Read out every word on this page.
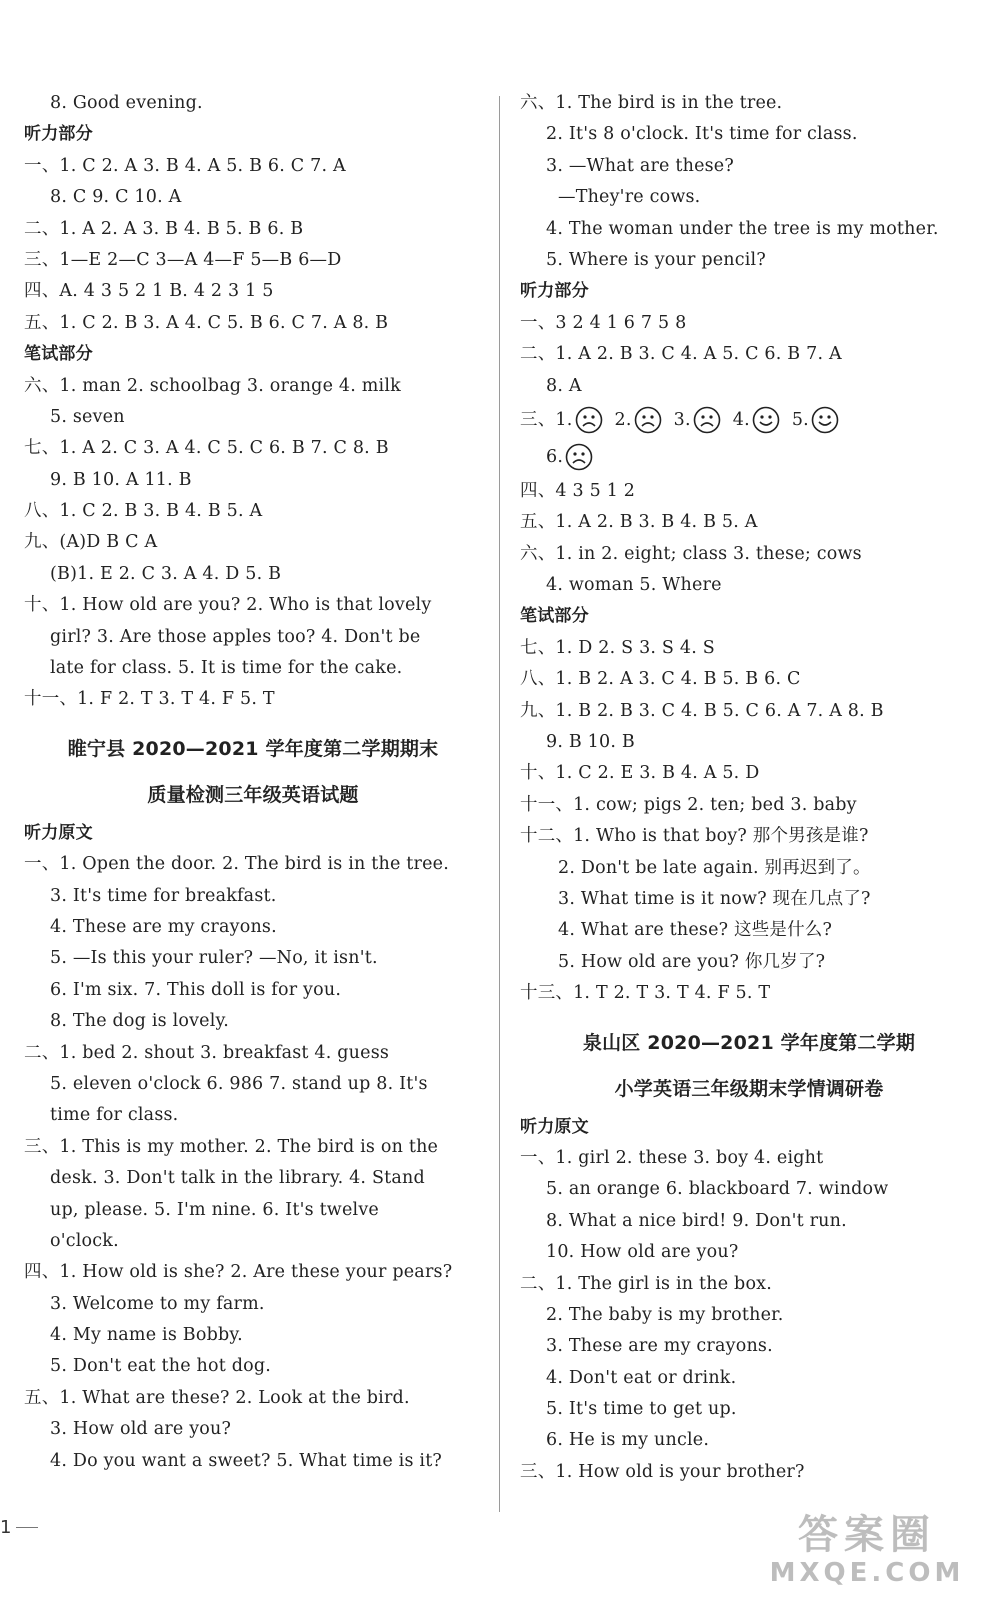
8. Good evening.
听力部分
一、1. C 2. A 3. B 4. A 5. B 6. C 7. A
8. C 9. C 10. A
二、1. A 2. A 3. B 4. B 5. B 6. B
三、1—E 2—C 3—A 4—F 5—B 6—D
四、A. 4 3 5 2 1 B. 4 2 3 1 5
五、1. C 2. B 3. A 4. C 5. B 6. C 7. A 8. B
笔试部分
六、1. man 2. schoolbag 3. orange 4. milk
5. seven
七、1. A 2. C 3. A 4. C 5. C 6. B 7. C 8. B
9. B 10. A 11. B
八、1. C 2. B 3. B 4. B 5. A
九、(A)D B C A
(B)1. E 2. C 3. A 4. D 5. B
十、1. How old are you? 2. Who is that lovely
girl? 3. Are those apples too? 4. Don't be
late for class. 5. It is time for the cake.
十一、1. F 2. T 3. T 4. F 5. T
睢宁县 2020—2021 学年度第二学期期末
质量检测三年级英语试题
听力原文
一、1. Open the door. 2. The bird is in the tree.
3. It's time for breakfast.
4. These are my crayons.
5. —Is this your ruler? —No, it isn't.
6. I'm six. 7. This doll is for you.
8. The dog is lovely.
二、1. bed 2. shout 3. breakfast 4. guess
5. eleven o'clock 6. 986 7. stand up 8. It's
time for class.
三、1. This is my mother. 2. The bird is on the
desk. 3. Don't talk in the library. 4. Stand
up, please. 5. I'm nine. 6. It's twelve
o'clock.
四、1. How old is she? 2. Are these your pears?
3. Welcome to my farm.
4. My name is Bobby.
5. Don't eat the hot dog.
五、1. What are these? 2. Look at the bird.
3. How old are you?
4. Do you want a sweet? 5. What time is it?
六、1. The bird is in the tree.
2. It's 8 o'clock. It's time for class.
3. —What are these?
—They're cows.
4. The woman under the tree is my mother.
5. Where is your pencil?
听力部分
一、3 2 4 1 6 7 5 8
二、1. A 2. B 3. C 4. A 5. C 6. B 7. A
8. A
三、1. 2. 3. 4. 5.
6.
四、4 3 5 1 2
五、1. A 2. B 3. B 4. B 5. A
六、1. in 2. eight; class 3. these; cows
4. woman 5. Where
笔试部分
七、1. D 2. S 3. S 4. S
八、1. B 2. A 3. C 4. B 5. B 6. C
九、1. B 2. B 3. C 4. B 5. C 6. A 7. A 8. B
9. B 10. B
十、1. C 2. E 3. B 4. A 5. D
十一、1. cow; pigs 2. ten; bed 3. baby
十二、1. Who is that boy? 那个男孩是谁?
2. Don't be late again. 别再迟到了。
3. What time is it now? 现在几点了?
4. What are these? 这些是什么?
5. How old are you? 你几岁了?
十三、1. T 2. T 3. T 4. F 5. T
泉山区 2020—2021 学年度第二学期
小学英语三年级期末学情调研卷
听力原文
一、1. girl 2. these 3. boy 4. eight
5. an orange 6. blackboard 7. window
8. What a nice bird! 9. Don't run.
10. How old are you?
二、1. The girl is in the box.
2. The baby is my brother.
3. These are my crayons.
4. Don't eat or drink.
5. It's time to get up.
6. He is my uncle.
三、1. How old is your brother?
1	答案圈
MXQE.COM
